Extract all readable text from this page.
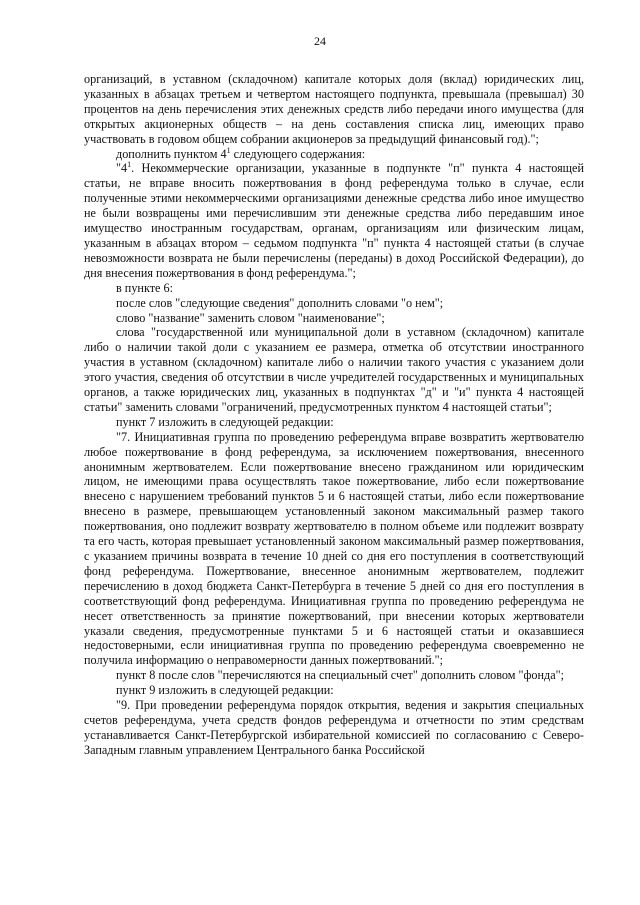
24

организаций, в уставном (складочном) капитале которых доля (вклад) юридических лиц, указанных в абзацах третьем и четвертом настоящего подпункта, превышала (превышал) 30 процентов на день перечисления этих денежных средств либо передачи иного имущества (для открытых акционерных обществ – на день составления списка лиц, имеющих право участвовать в годовом общем собрании акционеров за предыдущий финансовый год).";

дополнить пунктом $4^1$ следующего содержания:

"$4^1$. Некоммерческие организации, указанные в подпункте "п" пункта 4 настоящей статьи, не вправе вносить пожертвования в фонд референдума только в случае, если полученные этими некоммерческими организациями денежные средства либо иное имущество не были возвращены ими перечислившим эти денежные средства либо передавшим иное имущество иностранным государствам, органам, организациям или физическим лицам, указанным в абзацах втором – седьмом подпункта "п" пункта 4 настоящей статьи (в случае невозможности возврата не были перечислены (переданы) в доход Российской Федерации), до дня внесения пожертвования в фонд референдума.";

в пункте 6:

после слов "следующие сведения" дополнить словами "о нем";

слово "название" заменить словом "наименование";

слова "государственной или муниципальной доли в уставном (складочном) капитале либо о наличии такой доли с указанием ее размера, отметка об отсутствии иностранного участия в уставном (складочном) капитале либо о наличии такого участия с указанием доли этого участия, сведения об отсутствии в числе учредителей государственных и муниципальных органов, а также юридических лиц, указанных в подпунктах "д" и "и" пункта 4 настоящей статьи" заменить словами "ограничений, предусмотренных пунктом 4 настоящей статьи";

пункт 7 изложить в следующей редакции:

"7. Инициативная группа по проведению референдума вправе возвратить жертвователю любое пожертвование в фонд референдума, за исключением пожертвования, внесенного анонимным жертвователем. Если пожертвование внесено гражданином или юридическим лицом, не имеющими права осуществлять такое пожертвование, либо если пожертвование внесено с нарушением требований пунктов 5 и 6 настоящей статьи, либо если пожертвование внесено в размере, превышающем установленный законом максимальный размер такого пожертвования, оно подлежит возврату жертвователю в полном объеме или подлежит возврату та его часть, которая превышает установленный законом максимальный размер пожертвования, с указанием причины возврата в течение 10 дней со дня его поступления в соответствующий фонд референдума. Пожертвование, внесенное анонимным жертвователем, подлежит перечислению в доход бюджета Санкт-Петербурга в течение 5 дней со дня его поступления в соответствующий фонд референдума. Инициативная группа по проведению референдума не несет ответственность за принятие пожертвований, при внесении которых жертвователи указали сведения, предусмотренные пунктами 5 и 6 настоящей статьи и оказавшиеся недостоверными, если инициативная группа по проведению референдума своевременно не получила информацию о неправомерности данных пожертвований.";

пункт 8 после слов "перечисляются на специальный счет" дополнить словом "фонда";

пункт 9 изложить в следующей редакции:

"9. При проведении референдума порядок открытия, ведения и закрытия специальных счетов референдума, учета средств фондов референдума и отчетности по этим средствам устанавливается Санкт-Петербургской избирательной комиссией по согласованию с Северо-Западным главным управлением Центрального банка Российской
